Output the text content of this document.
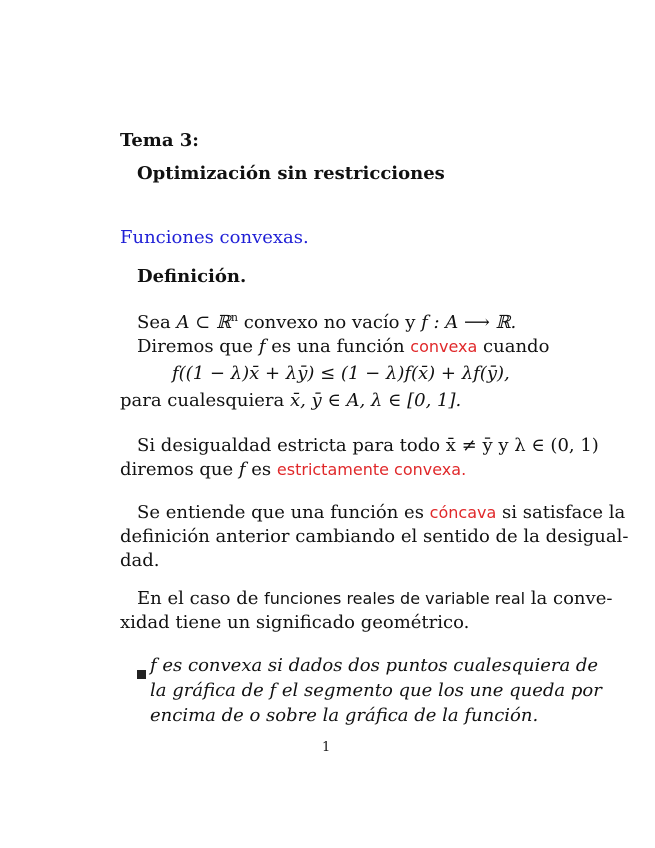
Tema 3:
Optimización sin restricciones
Funciones convexas.
Definición.
Sea A ⊂ ℝ$^n$ convexo no vacío y f : A ⟶ ℝ.
Diremos que f es una función convexa cuando
f((1 − λ)x̄ + λȳ) ≤ (1 − λ)f(x̄) + λf(ȳ),
para cualesquiera x̄, ȳ ∈ A, λ ∈ [0, 1].
Si desigualdad estricta para todo x̄ ≠ ȳ y λ ∈ (0, 1)
diremos que f es estrictamente convexa.
Se entiende que una función es cóncava si satisface la
definición anterior cambiando el sentido de la desigual-
dad.
En el caso de funciones reales de variable real la conve-
xidad tiene un significado geométrico.
f es convexa si dados dos puntos cualesquiera de
la gráfica de f el segmento que los une queda por
encima de o sobre la gráfica de la función.
1
